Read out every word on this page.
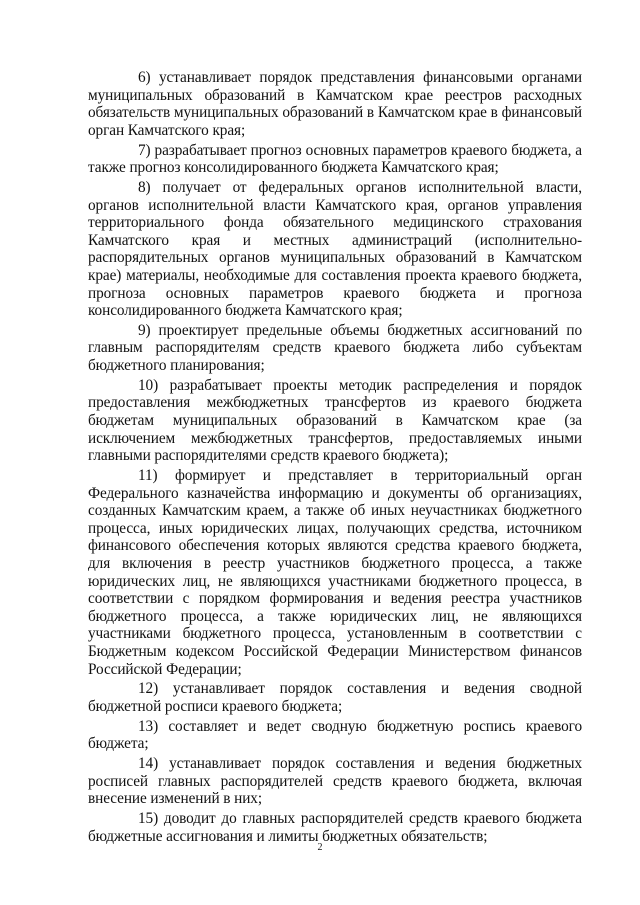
6) устанавливает порядок представления финансовыми органами муниципальных образований в Камчатском крае реестров расходных обязательств муниципальных образований в Камчатском крае в финансовый орган Камчатского края;

7) разрабатывает прогноз основных параметров краевого бюджета, а также прогноз консолидированного бюджета Камчатского края;

8) получает от федеральных органов исполнительной власти, органов исполнительной власти Камчатского края, органов управления территориального фонда обязательного медицинского страхования Камчатского края и местных администраций (исполнительно-распорядительных органов муниципальных образований в Камчатском крае) материалы, необходимые для составления проекта краевого бюджета, прогноза основных параметров краевого бюджета и прогноза консолидированного бюджета Камчатского края;

9) проектирует предельные объемы бюджетных ассигнований по главным распорядителям средств краевого бюджета либо субъектам бюджетного планирования;

10) разрабатывает проекты методик распределения и порядок предоставления межбюджетных трансфертов из краевого бюджета бюджетам муниципальных образований в Камчатском крае (за исключением межбюджетных трансфертов, предоставляемых иными главными распорядителями средств краевого бюджета);

11) формирует и представляет в территориальный орган Федерального казначейства информацию и документы об организациях, созданных Камчатским краем, а также об иных неучастниках бюджетного процесса, иных юридических лицах, получающих средства, источником финансового обеспечения которых являются средства краевого бюджета, для включения в реестр участников бюджетного процесса, а также юридических лиц, не являющихся участниками бюджетного процесса, в соответствии с порядком формирования и ведения реестра участников бюджетного процесса, а также юридических лиц, не являющихся участниками бюджетного процесса, установленным в соответствии с Бюджетным кодексом Российской Федерации Министерством финансов Российской Федерации;

12) устанавливает порядок составления и ведения сводной бюджетной росписи краевого бюджета;

13) составляет и ведет сводную бюджетную роспись краевого бюджета;

14) устанавливает порядок составления и ведения бюджетных росписей главных распорядителей средств краевого бюджета, включая внесение изменений в них;

15) доводит до главных распорядителей средств краевого бюджета бюджетные ассигнования и лимиты бюджетных обязательств;

2
